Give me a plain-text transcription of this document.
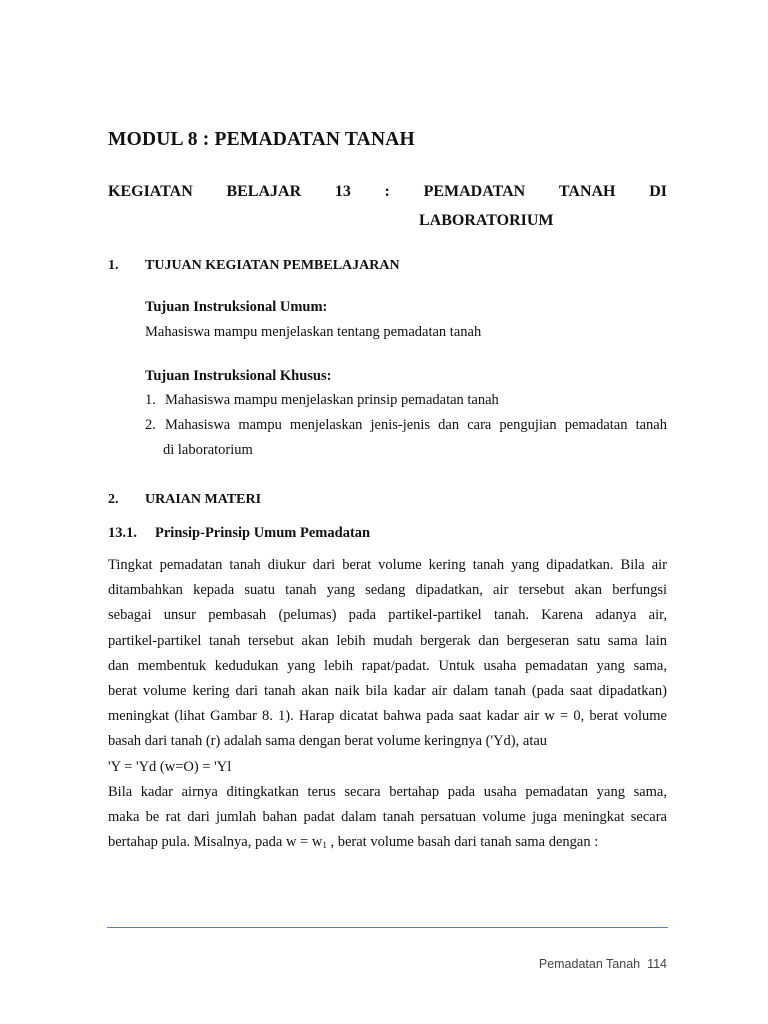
MODUL 8 : PEMADATAN TANAH
KEGIATAN BELAJAR 13 : PEMADATAN TANAH DI
LABORATORIUM
1. TUJUAN KEGIATAN PEMBELAJARAN
Tujuan Instruksional Umum:
Mahasiswa mampu menjelaskan tentang pemadatan tanah
Tujuan Instruksional Khusus:
1. Mahasiswa mampu menjelaskan prinsip pemadatan tanah
2. Mahasiswa mampu menjelaskan jenis-jenis dan cara pengujian pemadatan tanah
di laboratorium
2. URAIAN MATERI
13.1. Prinsip-Prinsip Umum Pemadatan
Tingkat pemadatan tanah diukur dari berat volume kering tanah yang dipadatkan. Bila air
ditambahkan kepada suatu tanah yang sedang dipadatkan, air tersebut akan berfungsi
sebagai unsur pembasah (pelumas) pada partikel-partikel tanah. Karena adanya air,
partikel-partikel tanah tersebut akan lebih mudah bergerak dan bergeseran satu sama lain
dan membentuk kedudukan yang lebih rapat/padat. Untuk usaha pemadatan yang sama,
berat volume kering dari tanah akan naik bila kadar air dalam tanah (pada saat dipadatkan)
meningkat (lihat Gambar 8. 1). Harap dicatat bahwa pada saat kadar air w = 0, berat volume
basah dari tanah (r) adalah sama dengan berat volume keringnya ('Yd), atau
'Y = 'Yd (w=O) = 'Yl
Bila kadar airnya ditingkatkan terus secara bertahap pada usaha pemadatan yang sama,
maka be rat dari jumlah bahan padat dalam tanah persatuan volume juga meningkat secara
bertahap pula. Misalnya, pada $w = w_1$ , berat volume basah dari tanah sama dengan :
Pemadatan Tanah 114
